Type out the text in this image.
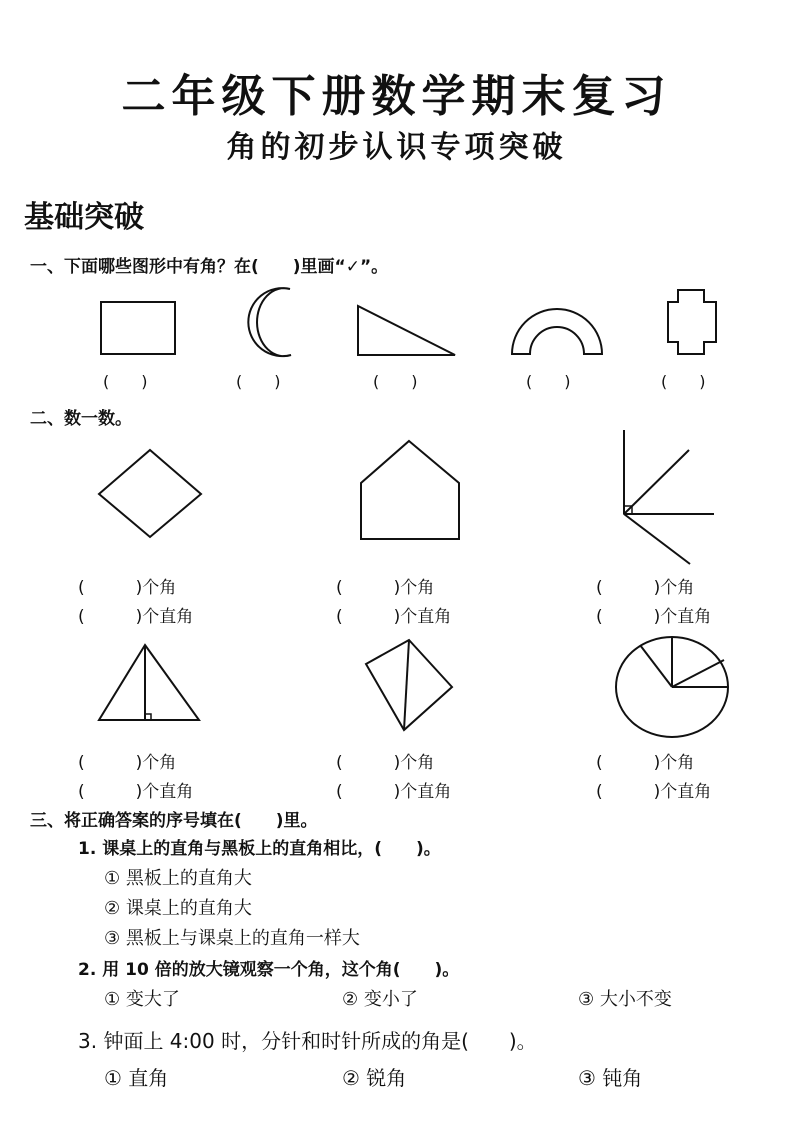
二年级下册数学期末复习
角的初步认识专项突破
基础突破
一、下面哪些图形中有角？在(　　)里画“✓”。
(　　)	(　　)	(　　)	(　　)	(　　)
二、数一数。
(　　　)个角
(　　　)个直角
(　　　)个角
(　　　)个直角
(　　　)个角
(　　　)个直角
(　　　)个角
(　　　)个直角
(　　　)个角
(　　　)个直角
(　　　)个角
(　　　)个直角
三、将正确答案的序号填在(　　)里。
1. 课桌上的直角与黑板上的直角相比，(　　)。
① 黑板上的直角大
② 课桌上的直角大
③ 黑板上与课桌上的直角一样大
2. 用 10 倍的放大镜观察一个角，这个角(　　)。
① 变大了	② 变小了	③ 大小不变
3. 钟面上 4:00 时，分针和时针所成的角是(　　)。
① 直角	② 锐角	③ 钝角
